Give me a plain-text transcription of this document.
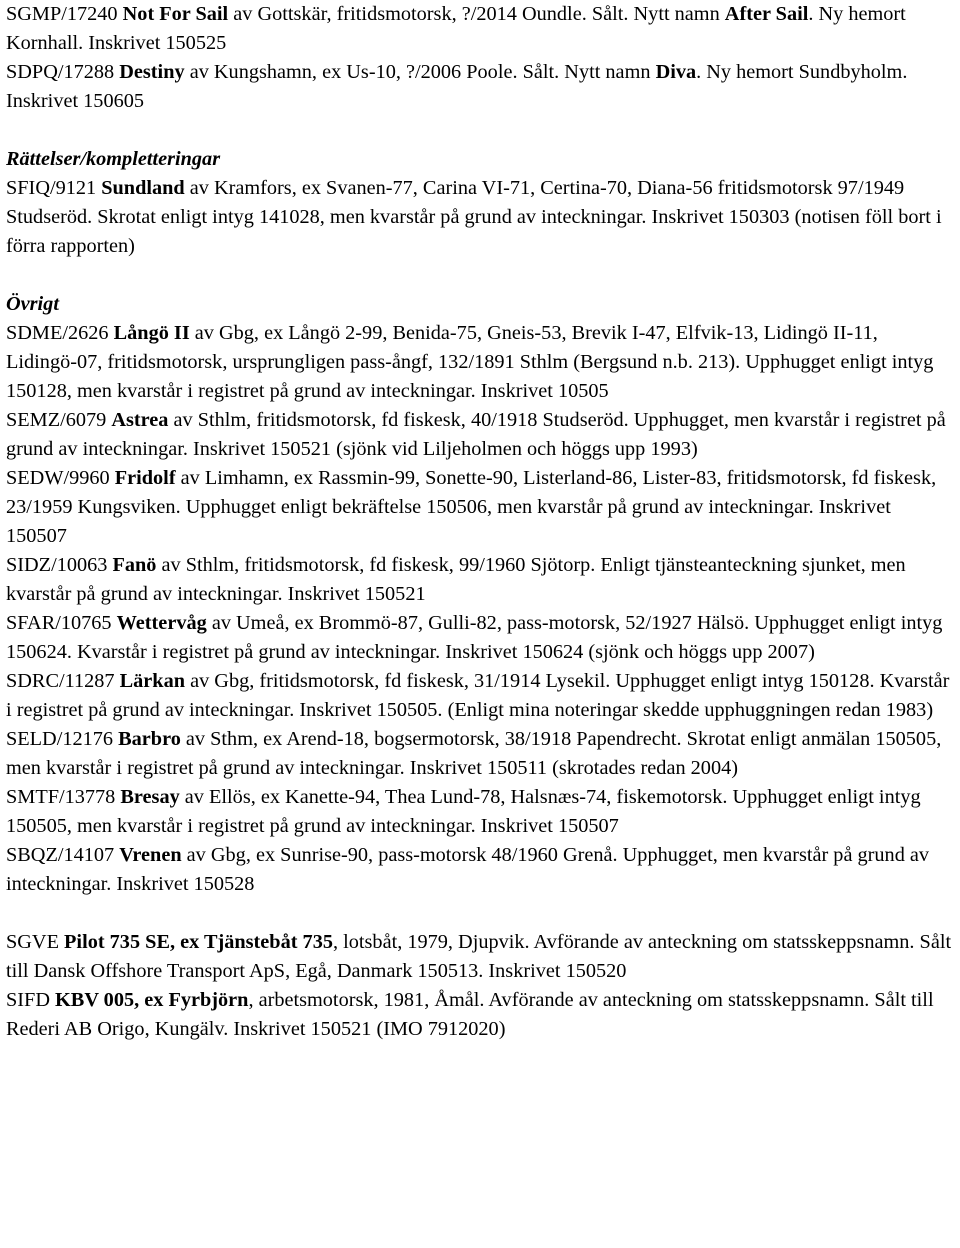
SGMP/17240 Not For Sail av Gottskär, fritidsmotorsk, ?/2014 Oundle. Sålt. Nytt namn After Sail. Ny hemort Kornhall. Inskrivet 150525
SDPQ/17288 Destiny av Kungshamn, ex Us-10, ?/2006 Poole. Sålt. Nytt namn Diva. Ny hemort Sundbyholm. Inskrivet 150605
Rättelser/kompletteringar
SFIQ/9121 Sundland av Kramfors, ex Svanen-77, Carina VI-71, Certina-70, Diana-56 fritidsmotorsk 97/1949 Studseröd. Skrotat enligt intyg 141028, men kvarstår på grund av inteckningar. Inskrivet 150303 (notisen föll bort i förra rapporten)
Övrigt
SDME/2626 Långö II av Gbg, ex Långö 2-99, Benida-75, Gneis-53, Brevik I-47, Elfvik-13, Lidingö II-11, Lidingö-07, fritidsmotorsk, ursprungligen pass-ångf, 132/1891 Sthlm (Bergsund n.b. 213). Upphugget enligt intyg 150128, men kvarstår i registret på grund av inteckningar. Inskrivet 10505
SEMZ/6079 Astrea av Sthlm, fritidsmotorsk, fd fiskesk, 40/1918 Studseröd. Upphugget, men kvarstår i registret på grund av inteckningar. Inskrivet 150521 (sjönk vid Liljeholmen och höggs upp 1993)
SEDW/9960 Fridolf av Limhamn, ex Rassmin-99, Sonette-90, Listerland-86, Lister-83, fritidsmotorsk, fd fiskesk, 23/1959 Kungsviken. Upphugget enligt bekräftelse 150506, men kvarstår på grund av inteckningar. Inskrivet 150507
SIDZ/10063 Fanö av Sthlm, fritidsmotorsk, fd fiskesk, 99/1960 Sjötorp. Enligt tjänsteanteckning sjunket, men kvarstår på grund av inteckningar. Inskrivet 150521
SFAR/10765 Wettervåg av Umeå, ex Brommö-87, Gulli-82, pass-motorsk, 52/1927 Hälsö. Upphugget enligt intyg 150624. Kvarstår i registret på grund av inteckningar. Inskrivet 150624 (sjönk och höggs upp 2007)
SDRC/11287 Lärkan av Gbg, fritidsmotorsk, fd fiskesk, 31/1914 Lysekil. Upphugget enligt intyg 150128. Kvarstår i registret på grund av inteckningar. Inskrivet 150505. (Enligt mina noteringar skedde upphuggningen redan 1983)
SELD/12176 Barbro av Sthm, ex Arend-18, bogsermotorsk, 38/1918 Papendrecht. Skrotat enligt anmälan 150505, men kvarstår i registret på grund av inteckningar. Inskrivet 150511 (skrotades redan 2004)
SMTF/13778 Bresay av Ellös, ex Kanette-94, Thea Lund-78, Halsnæs-74, fiskemotorsk. Upphugget enligt intyg 150505, men kvarstår i registret på grund av inteckningar. Inskrivet 150507
SBQZ/14107 Vrenen av Gbg, ex Sunrise-90, pass-motorsk 48/1960 Grenå. Upphugget, men kvarstår på grund av inteckningar. Inskrivet 150528
SGVE Pilot 735 SE, ex Tjänstebåt 735, lotsbåt, 1979, Djupvik. Avförande av anteckning om statsskeppsnamn. Sålt till Dansk Offshore Transport ApS, Egå, Danmark 150513. Inskrivet 150520
SIFD KBV 005, ex Fyrbjörn, arbetsmotorsk, 1981, Åmål. Avförande av anteckning om statsskeppsnamn. Sålt till Rederi AB Origo, Kungälv. Inskrivet 150521 (IMO 7912020)
